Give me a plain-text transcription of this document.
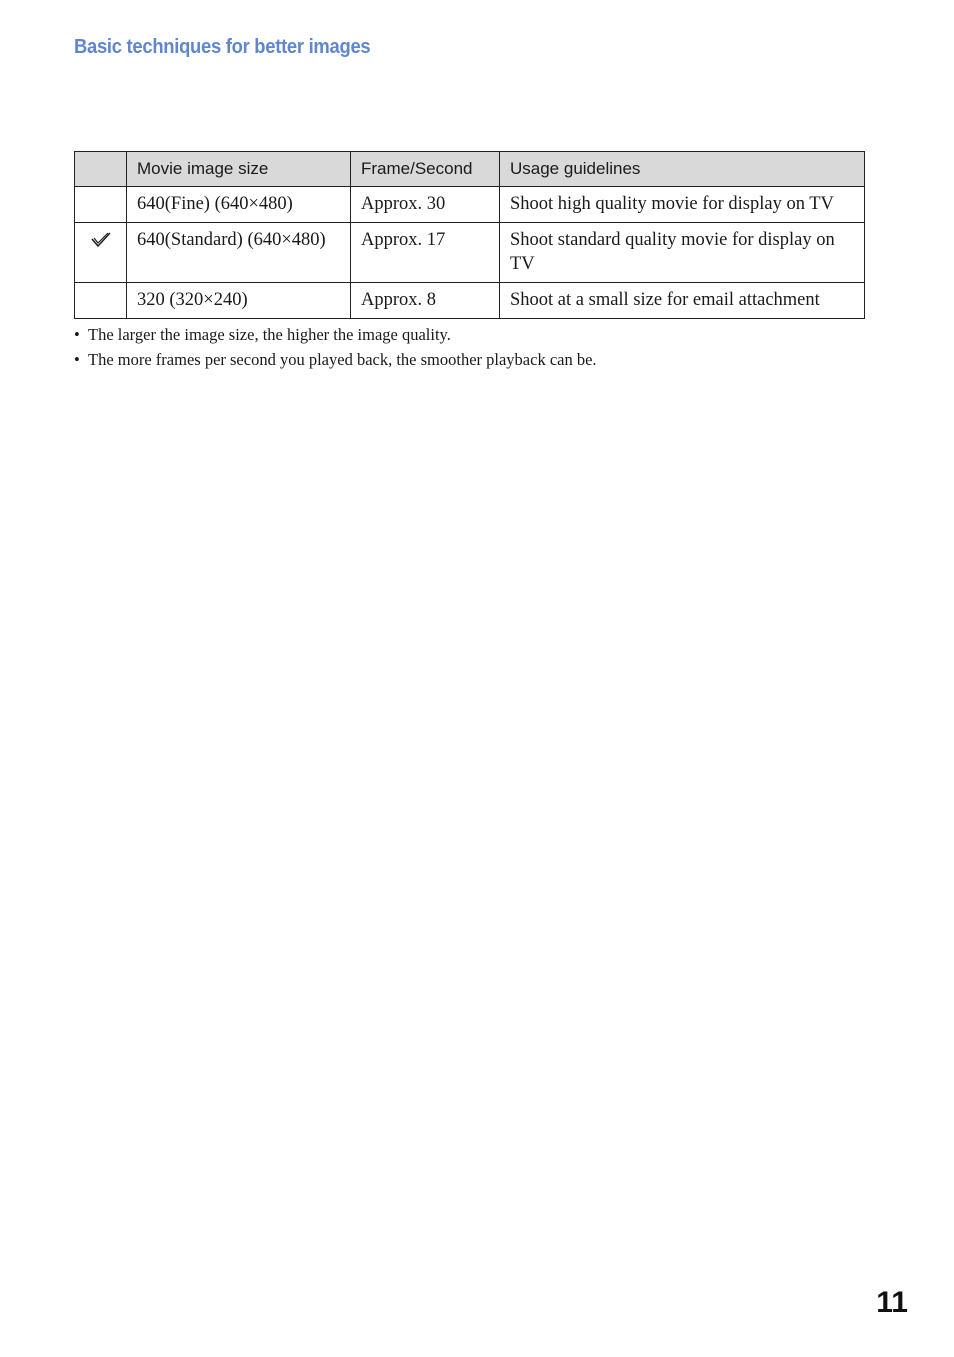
Basic techniques for better images
	Movie image size	Frame/Second	Usage guidelines
	640(Fine) (640×480)	Approx. 30	Shoot high quality movie for display on TV
	640(Standard) (640×480)	Approx. 17	Shoot standard quality movie for display on TV
	320 (320×240)	Approx. 8	Shoot at a small size for email attachment
• The larger the image size, the higher the image quality.
• The more frames per second you played back, the smoother playback can be.
11
